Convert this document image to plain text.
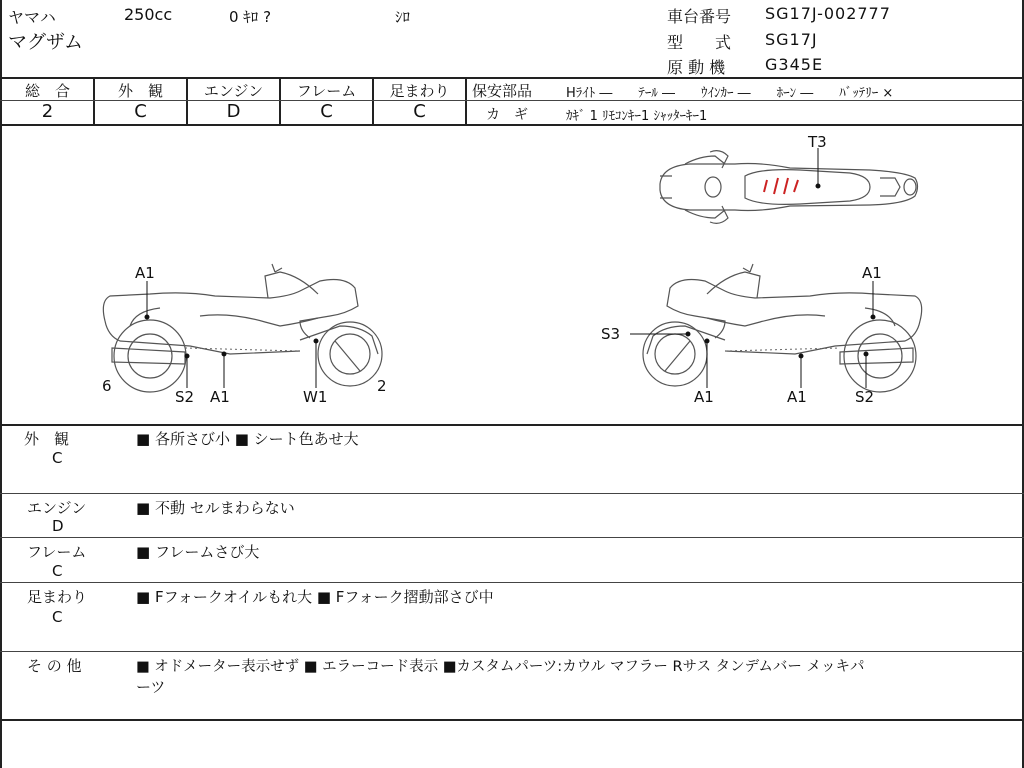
ヤマハ	250cc	0 ｷﾛ ?	ｼﾛ
マグザム
車台番号 SG17J-002777
型　　式 SG17J
原 動 機 G345E
総　合
2
外　観
C
エンジン
D
フレーム
C
足まわり
C
保安部品	Hﾗｲﾄ ―　　ﾃｰﾙ ―　　ｳｲﾝｶｰ ―　　ﾎｰﾝ ―　　ﾊﾞｯﾃﾘｰ ×
カ　ギ	ｶｷﾞ 1 ﾘﾓｺﾝｷｰ1 ｼｬｯﾀｰｷｰ1
T3
A1
6
S2 A1	W1
2
A1
S3
A1	A1	S2
外　観
C
■ 各所さび小 ■ シート色あせ大
エンジン
D
■ 不動 セルまわらない
フレーム
C
■ フレームさび大
足まわり
C
■ Fフォークオイルもれ大 ■ Fフォーク摺動部さび中
そ の 他	■ オドメーター表示せず ■ エラーコード表示 ■カスタムパーツ:カウル マフラー Rサス タンデムバー メッキパ
ーツ
